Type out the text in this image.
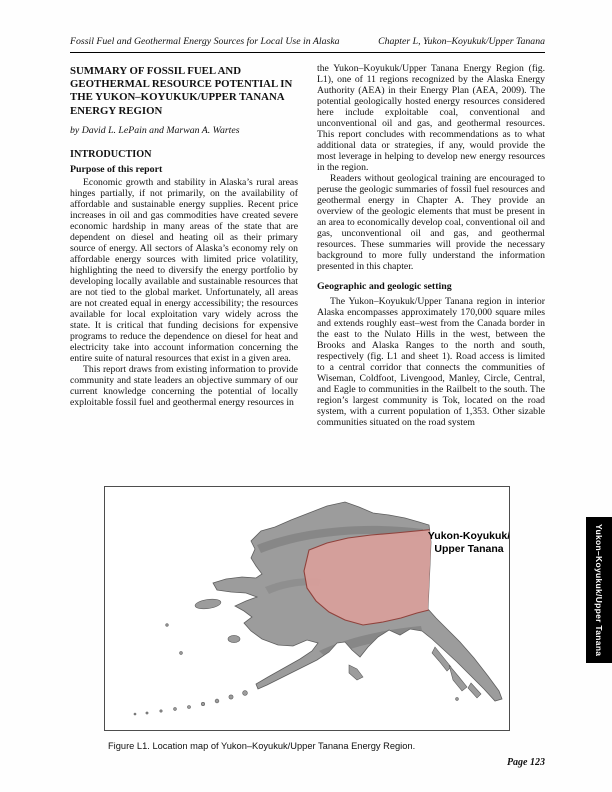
Fossil Fuel and Geothermal Energy Sources for Local Use in Alaska	Chapter L, Yukon–Koyukuk/Upper Tanana
SUMMARY OF FOSSIL FUEL AND GEOTHERMAL RESOURCE POTENTIAL IN THE YUKON–KOYUKUK/UPPER TANANA ENERGY REGION
by David L. LePain and Marwan A. Wartes
INTRODUCTION
Purpose of this report

Economic growth and stability in Alaska’s rural areas hinges partially, if not primarily, on the availability of affordable and sustainable energy supplies. Recent price increases in oil and gas commodities have created severe economic hardship in many areas of the state that are dependent on diesel and heating oil as their primary source of energy. All sectors of Alaska’s economy rely on affordable energy sources with limited price volatility, highlighting the need to diversify the energy portfolio by developing locally available and sustainable resources that are not tied to the global market. Unfortunately, all areas are not created equal in energy accessibility; the resources available for local exploitation vary widely across the state. It is critical that funding decisions for expensive programs to reduce the dependence on diesel for heat and electricity take into account information concerning the entire suite of natural resources that exist in a given area.

This report draws from existing information to provide community and state leaders an objective summary of our current knowledge concerning the potential of locally exploitable fossil fuel and geothermal energy resources in

the Yukon–Koyukuk/Upper Tanana Energy Region (fig. L1), one of 11 regions recognized by the Alaska Energy Authority (AEA) in their Energy Plan (AEA, 2009). The potential geologically hosted energy resources considered here include exploitable coal, conventional and unconventional oil and gas, and geothermal resources. This report concludes with recommendations as to what additional data or strategies, if any, would provide the most leverage in helping to develop new energy resources in the region.

Readers without geological training are encouraged to peruse the geologic summaries of fossil fuel resources and geothermal energy in Chapter A. They provide an overview of the geologic elements that must be present in an area to economically develop coal, conventional oil and gas, unconventional oil and gas, and geothermal resources. These summaries will provide the necessary background to more fully understand the information presented in this chapter.

Geographic and geologic setting

The Yukon–Koyukuk/Upper Tanana region in interior Alaska encompasses approximately 170,000 square miles and extends roughly east–west from the Canada border in the east to the Nulato Hills in the west, between the Brooks and Alaska Ranges to the north and south, respectively (fig. L1 and sheet 1). Road access is limited to a central corridor that connects the communities of Wiseman, Coldfoot, Livengood, Manley, Circle, Central, and Eagle to communities in the Railbelt to the south. The region’s largest community is Tok, located on the road system, with a current population of 1,353. Other sizable communities situated on the road system

Yukon-Koyukuk/
Upper Tanana
Figure L1. Location map of Yukon–Koyukuk/Upper Tanana Energy Region.
Page 123
Yukon–Koyukuk/Upper Tanana
